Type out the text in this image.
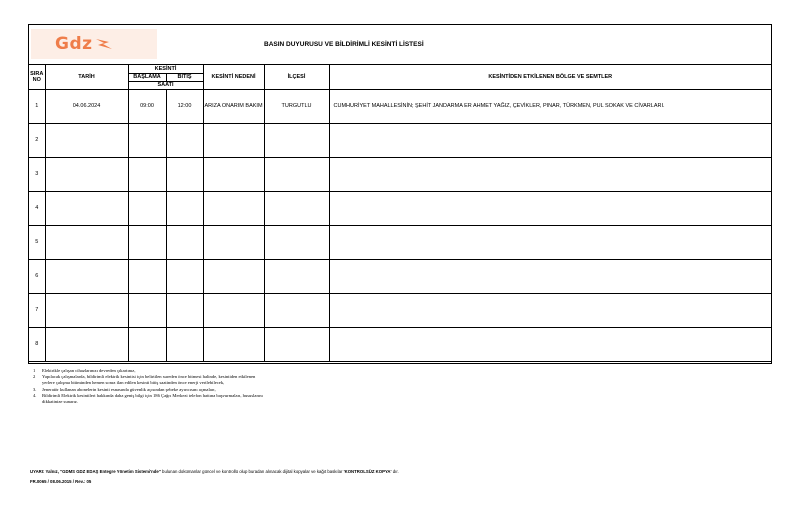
Gdz	BASIN DUYURUSU VE BİLDİRİMLİ KESİNTİ LİSTESİ
SIRA NO	TARİH	KESİNTİ		KESİNTİ NEDENİ	İLÇESİ	KESİNTİDEN ETKİLENEN BÖLGE VE SEMTLER
		BAŞLAMA	BİTİŞ			
		SAATİ				
1	04.06.2024	09:00	12:00	ARIZA ONARIM BAKIM	TURGUTLU	CUMHURİYET MAHALLESİNİN; ŞEHİT JANDARMA ER AHMET YAĞIZ, ÇEVİKLER, PINAR, TÜRKMEN, PUL SOKAK VE CİVARLARI.
2						
3						
4						
5						
6						
7						
8						
1	Elektrikle çalışan cihazlarınızı devreden çıkartınız,
2	Yapılacak çalışmalarda, bildirimli elektrik kesintisi için belirtilen sureden önce bitmesi halinde, kesintiden etkilenen yerlere çalışma bitiminden hemen sonra ilan edilen kesinti bitiş saatinden önce enerji verilebilecek,
3.	Jeneratör kullanan abonelerin kesinti esnasında güvenlik açısından şebeke ayırıcısını açmaları,
4.	Bildirimli Elektrik kesintileri hakkında daha geniş bilgi için 186 Çağrı Merkezi telefon hattına başvurmaları, hususlarını dikkatinize sunarız.
UYARI: Yalnız, "GDMS GDZ EDAŞ Entegre Yönetim Sistemi'nde" bulunan dokümanlar güncel ve kontrollü olup buradan alınacak dijital kopyalar ve kağıt baskılar 'KONTROLSÜZ KOPYA' dır.
FR.0065 / 08.06.2015 / Rev.: 05
